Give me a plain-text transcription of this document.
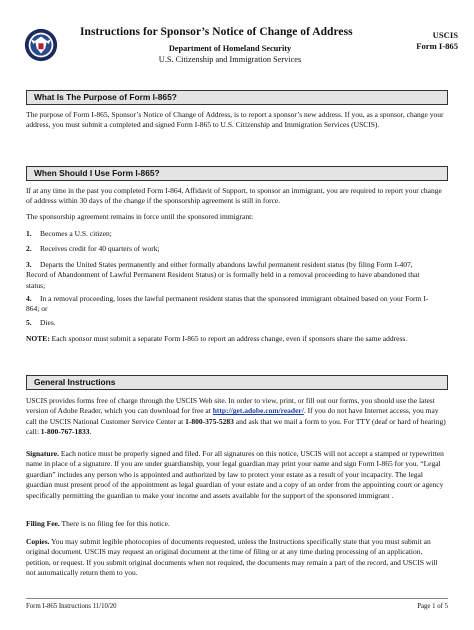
Instructions for Sponsor’s Notice of Change of Address
Department of Homeland Security
U.S. Citizenship and Immigration Services
USCIS
Form I-865
What Is The Purpose of Form I-865?
The purpose of Form I-865, Sponsor’s Notice of Change of Address, is to report a sponsor’s new address. If you, as a sponsor, change your address, you must submit a completed and signed Form I-865 to U.S. Citizenship and Immigration Services (USCIS).
When Should I Use Form I-865?
If at any time in the past you completed Form I-864, Affidavit of Support, to sponsor an immigrant, you are required to report your change of address within 30 days of the change if the sponsorship agreement is still in force.
The sponsorship agreement remains in force until the sponsored immigrant:
1. Becomes a U.S. citizen;
2. Receives credit for 40 quarters of work;
3.	Departs the United States permanently and either formally abandons lawful permanent resident status (by filing Form I-407, Record of Abandonment of Lawful Permanent Resident Status) or is formally held in a removal proceeding to have abandoned that status;
4.	In a removal proceeding, loses the lawful permanent resident status that the sponsored immigrant obtained based on your Form I-864; or
5. Dies.
NOTE: Each sponsor must submit a separate Form I-865 to report an address change, even if sponsors share the same address.
General Instructions
USCIS provides forms free of charge through the USCIS Web site. In order to view, print, or fill out our forms, you should use the latest version of Adobe Reader, which you can download for free at http://get.adobe.com/reader/. If you do not have Internet access, you may call the USCIS National Customer Service Center at 1-800-375-5283 and ask that we mail a form to you. For TTY (deaf or hard of hearing) call: 1-800-767-1833.
Signature. Each notice must be properly signed and filed. For all signatures on this notice, USCIS will not accept a stamped or typewritten name in place of a signature. If you are under guardianship, your legal guardian may print your name and sign Form I-865 for you. “Legal guardian” includes any person who is appointed and authorized by law to protect your estate as a result of your incapacity. The legal guardian must present proof of the appointment as legal guardian of your estate and a copy of an order from the appointing court or agency specifically permitting the guardian to make your income and assets available for the support of the sponsored immigrant .
Filing Fee. There is no filing fee for this notice.
Copies. You may submit legible photocopies of documents requested, unless the Instructions specifically state that you must submit an original document. USCIS may request an original document at the time of filing or at any time during processing of an application, petition, or request. If you submit original documents when not required, the documents may remain a part of the record, and USCIS will not automatically return them to you.
Form I-865 Instructions 11/10/20	Page 1 of 5
